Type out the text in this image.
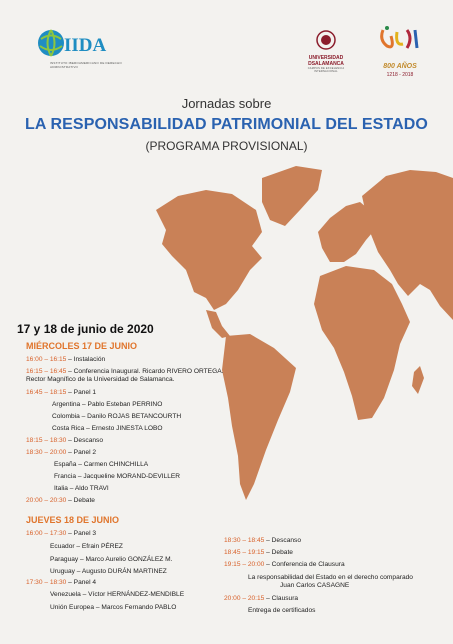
IIDA
INSTITUTO IBEROAMERICANO DE DERECHO ADMINISTRATIVO
UNIVERSIDAD
DSALAMANCA
CAMPUS DE EXCELENCIA INTERNACIONAL
800 AÑOS
1218 - 2018
Jornadas sobre
LA RESPONSABILIDAD PATRIMONIAL DEL ESTADO
(PROGRAMA PROVISIONAL)
17 y 18 de junio de 2020
MIÉRCOLES 17 DE JUNIO
16:00 – 16:15 – Instalación
16:15 – 16:45 – Conferencia Inaugural. Ricardo RIVERO ORTEGA.
Rector Magnífico de la Universidad de Salamanca.
16:45 – 18:15 – Panel 1
Argentina – Pablo Esteban PERRINO
Colombia – Danilo ROJAS BETANCOURTH
Costa Rica – Ernesto JINESTA LOBO
18:15 – 18:30 – Descanso
18:30 – 20:00 – Panel 2
España – Carmen CHINCHILLA
Francia – Jacqueline MORAND-DEVILLER
Italia – Aldo TRAVI
20:00 – 20:30 – Debate
JUEVES 18 DE JUNIO
16:00 – 17:30 – Panel 3
Ecuador – Efrain PÉREZ
Paraguay – Marco Aurelio GONZÁLEZ M.
Uruguay – Augusto DURÁN MARTINEZ
17:30 – 18:30 – Panel 4
Venezuela – Víctor HERNÁNDEZ-MENDIBLE
Unión Europea – Marcos Fernando PABLO
18:30 – 18:45 – Descanso
18:45 – 19:15 – Debate
19:15 – 20:00 – Conferencia de Clausura
La responsabilidad del Estado en el derecho comparado
Juan Carlos CASAGNE
20:00 – 20:15 – Clausura
Entrega de certificados
